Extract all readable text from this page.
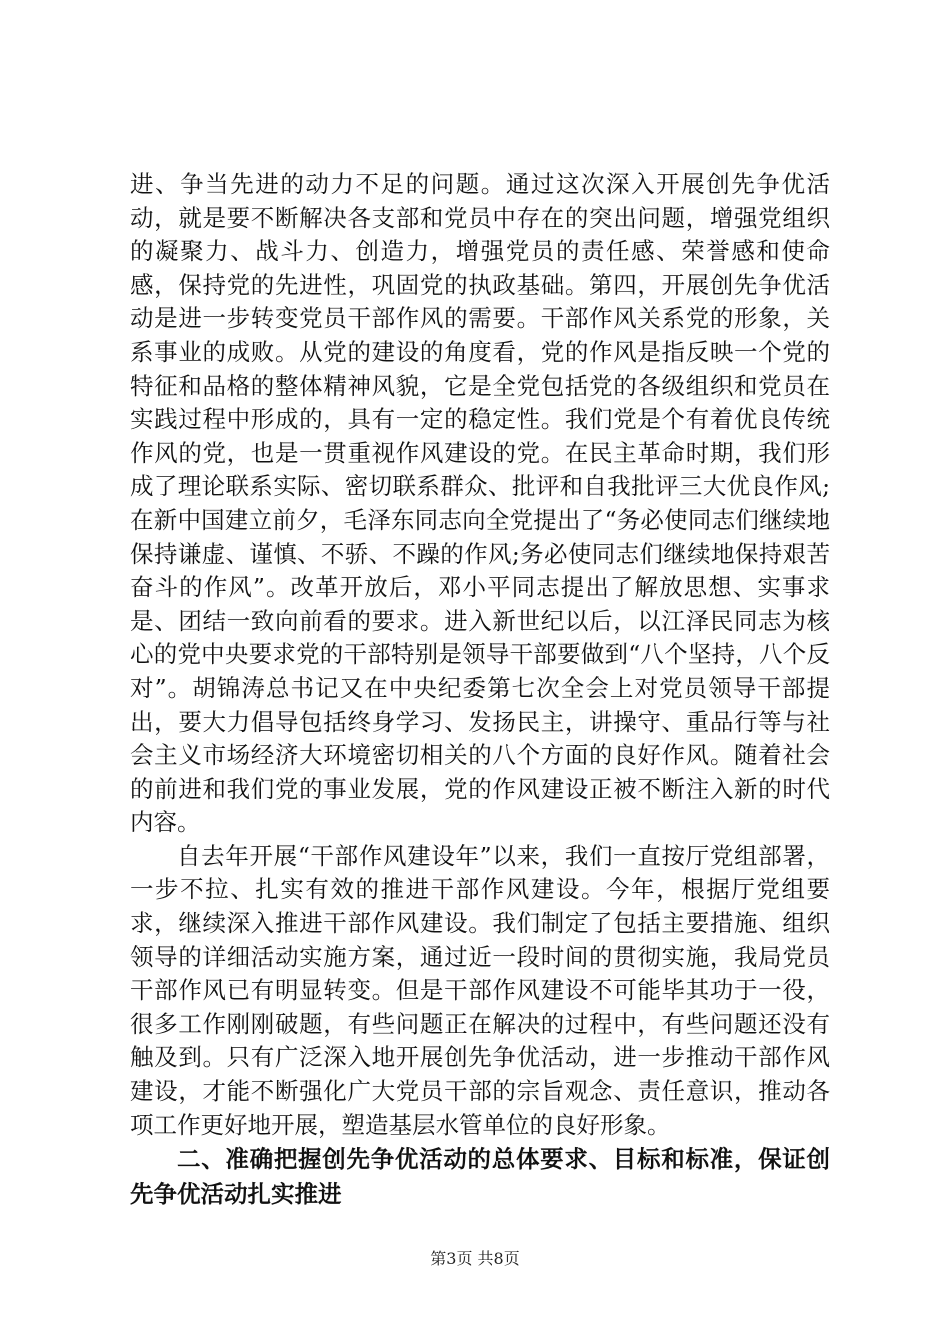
进、争当先进的动力不足的问题。通过这次深入开展创先争优活动，就是要不断解决各支部和党员中存在的突出问题，增强党组织的凝聚力、战斗力、创造力，增强党员的责任感、荣誉感和使命感，保持党的先进性，巩固党的执政基础。第四，开展创先争优活动是进一步转变党员干部作风的需要。干部作风关系党的形象，关系事业的成败。从党的建设的角度看，党的作风是指反映一个党的特征和品格的整体精神风貌，它是全党包括党的各级组织和党员在实践过程中形成的，具有一定的稳定性。我们党是个有着优良传统作风的党，也是一贯重视作风建设的党。在民主革命时期，我们形成了理论联系实际、密切联系群众、批评和自我批评三大优良作风;在新中国建立前夕，毛泽东同志向全党提出了“务必使同志们继续地保持谦虚、谨慎、不骄、不躁的作风;务必使同志们继续地保持艰苦奋斗的作风”。改革开放后，邓小平同志提出了解放思想、实事求是、团结一致向前看的要求。进入新世纪以后，以江泽民同志为核心的党中央要求党的干部特别是领导干部要做到“八个坚持，八个反对”。胡锦涛总书记又在中央纪委第七次全会上对党员领导干部提出，要大力倡导包括终身学习、发扬民主，讲操守、重品行等与社会主义市场经济大环境密切相关的八个方面的良好作风。随着社会的前进和我们党的事业发展，党的作风建设正被不断注入新的时代内容。

自去年开展“干部作风建设年”以来，我们一直按厅党组部署，一步不拉、扎实有效的推进干部作风建设。今年，根据厅党组要求，继续深入推进干部作风建设。我们制定了包括主要措施、组织领导的详细活动实施方案，通过近一段时间的贯彻实施，我局党员干部作风已有明显转变。但是干部作风建设不可能毕其功于一役，很多工作刚刚破题，有些问题正在解决的过程中，有些问题还没有触及到。只有广泛深入地开展创先争优活动，进一步推动干部作风建设，才能不断强化广大党员干部的宗旨观念、责任意识，推动各项工作更好地开展，塑造基层水管单位的良好形象。

二、准确把握创先争优活动的总体要求、目标和标准，保证创先争优活动扎实推进

第3页 共8页
